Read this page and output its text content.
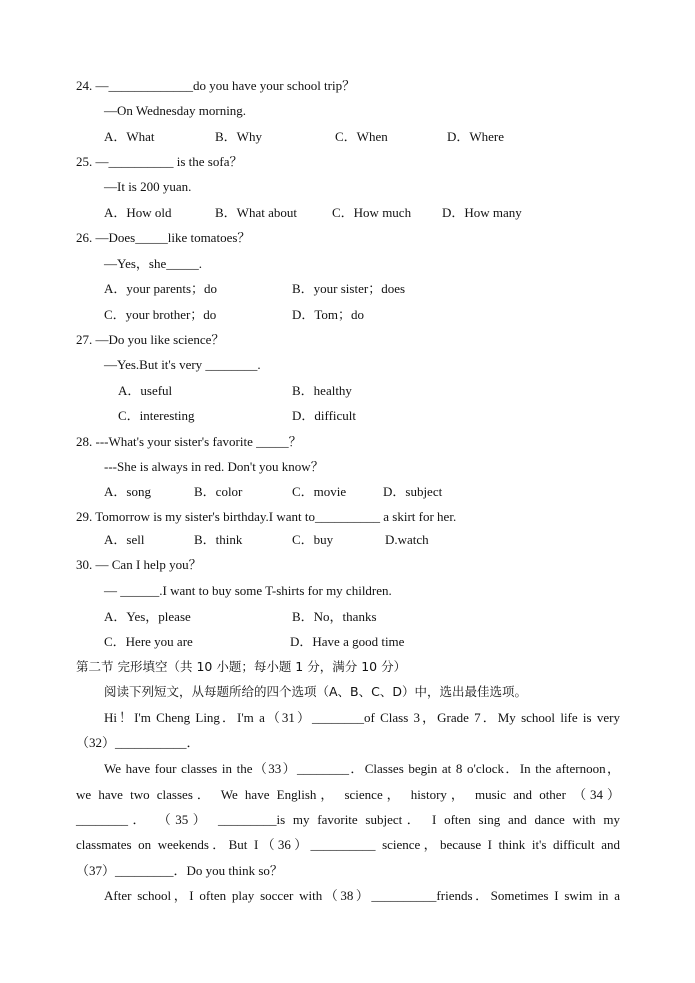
24. —_____________do you have your school trip？
—On Wednesday morning.
A．What	B．Why	C．When	D．Where
25. —__________ is the sofa？
—It is 200 yuan.
A．How old	B．What about	C．How much D．How many
26. —Does_____like tomatoes？
—Yes，she_____.
A．your parents；do	B．your sister；does
C．your brother；do	D．Tom；do
27. —Do you like science？
—Yes.But it's very ________.
A．useful	B．healthy
C．interesting	D．difficult
28. ---What's your sister's favorite _____？
---She is always in red. Don't you know？
A．song	B．color	C．movie	D．subject
29. Tomorrow is my sister's birthday.I want to__________ a skirt for her.
A．sell	B．think	C．buy	D.watch
30. — Can I help you？
— ______.I want to buy some T-shirts for my children.
A．Yes，please	B．No，thanks
C．Here you are	D．Have a good time
第二节 完形填空（共 10 小题；每小题 1 分，满分 10 分）
阅读下列短文，从每题所给的四个选项（A、B、C、D）中，选出最佳选项。
Hi！I'm Cheng Ling．I'm a（31）________of Class 3，Grade 7．My school life is very
（32）___________．
We have four classes in the（33）________．Classes begin at 8 o'clock．In the afternoon，
we have two classes． We have English， science， history， music and other （34）
________． （35） _________is my favorite subject． I often sing and dance with my
classmates on weekends．But I（36）__________ science，because I think it's difficult and
（37）_________．Do you think so？
After school，I often play soccer with（38）__________friends．Sometimes I swim in a
